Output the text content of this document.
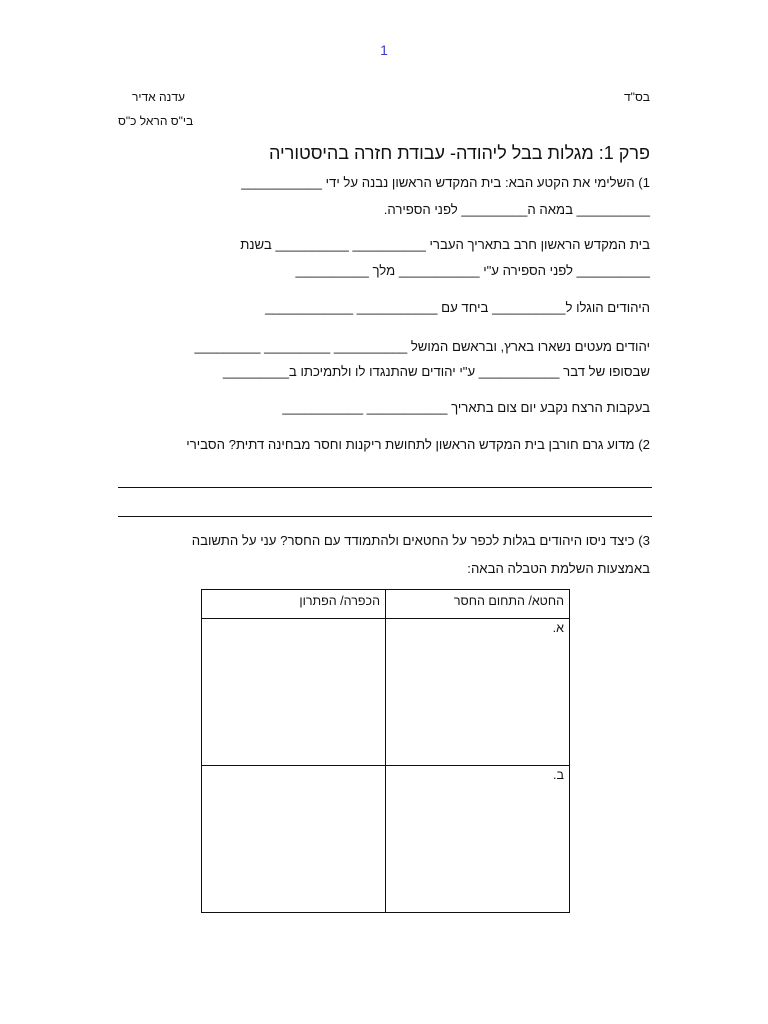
1
בס"ד
עדנה אדיר
בי"ס הראל כ"ס
פרק 1: מגלות בבל ליהודה- עבודת חזרה בהיסטוריה
1) השלימי את הקטע הבא: בית המקדש הראשון נבנה על ידי ___________
__________ במאה ה_________ לפני הספירה.
בית המקדש הראשון חרב בתאריך העברי __________ __________ בשנת
__________ לפני הספירה ע"י ___________ מלך __________
היהודים הוגלו ל__________ ביחד עם ___________ ____________
יהודים מעטים נשארו בארץ, ובראשם המושל __________ _________ _________
שבסופו של דבר ___________ ע"י יהודים שהתנגדו לו ולתמיכתו ב_________
בעקבות הרצח נקבע יום צום בתאריך ___________ ___________
2) מדוע גרם חורבן בית המקדש הראשון לתחושת ריקנות וחסר מבחינה דתית? הסבירי
3) כיצד ניסו היהודים בגלות לכפר על החטאים ולהתמודד עם החסר? עני על התשובה
באמצעות השלמת הטבלה הבאה:
החטא/ התחום החסר	הכפרה/ הפתרון
א.	
ב.	
